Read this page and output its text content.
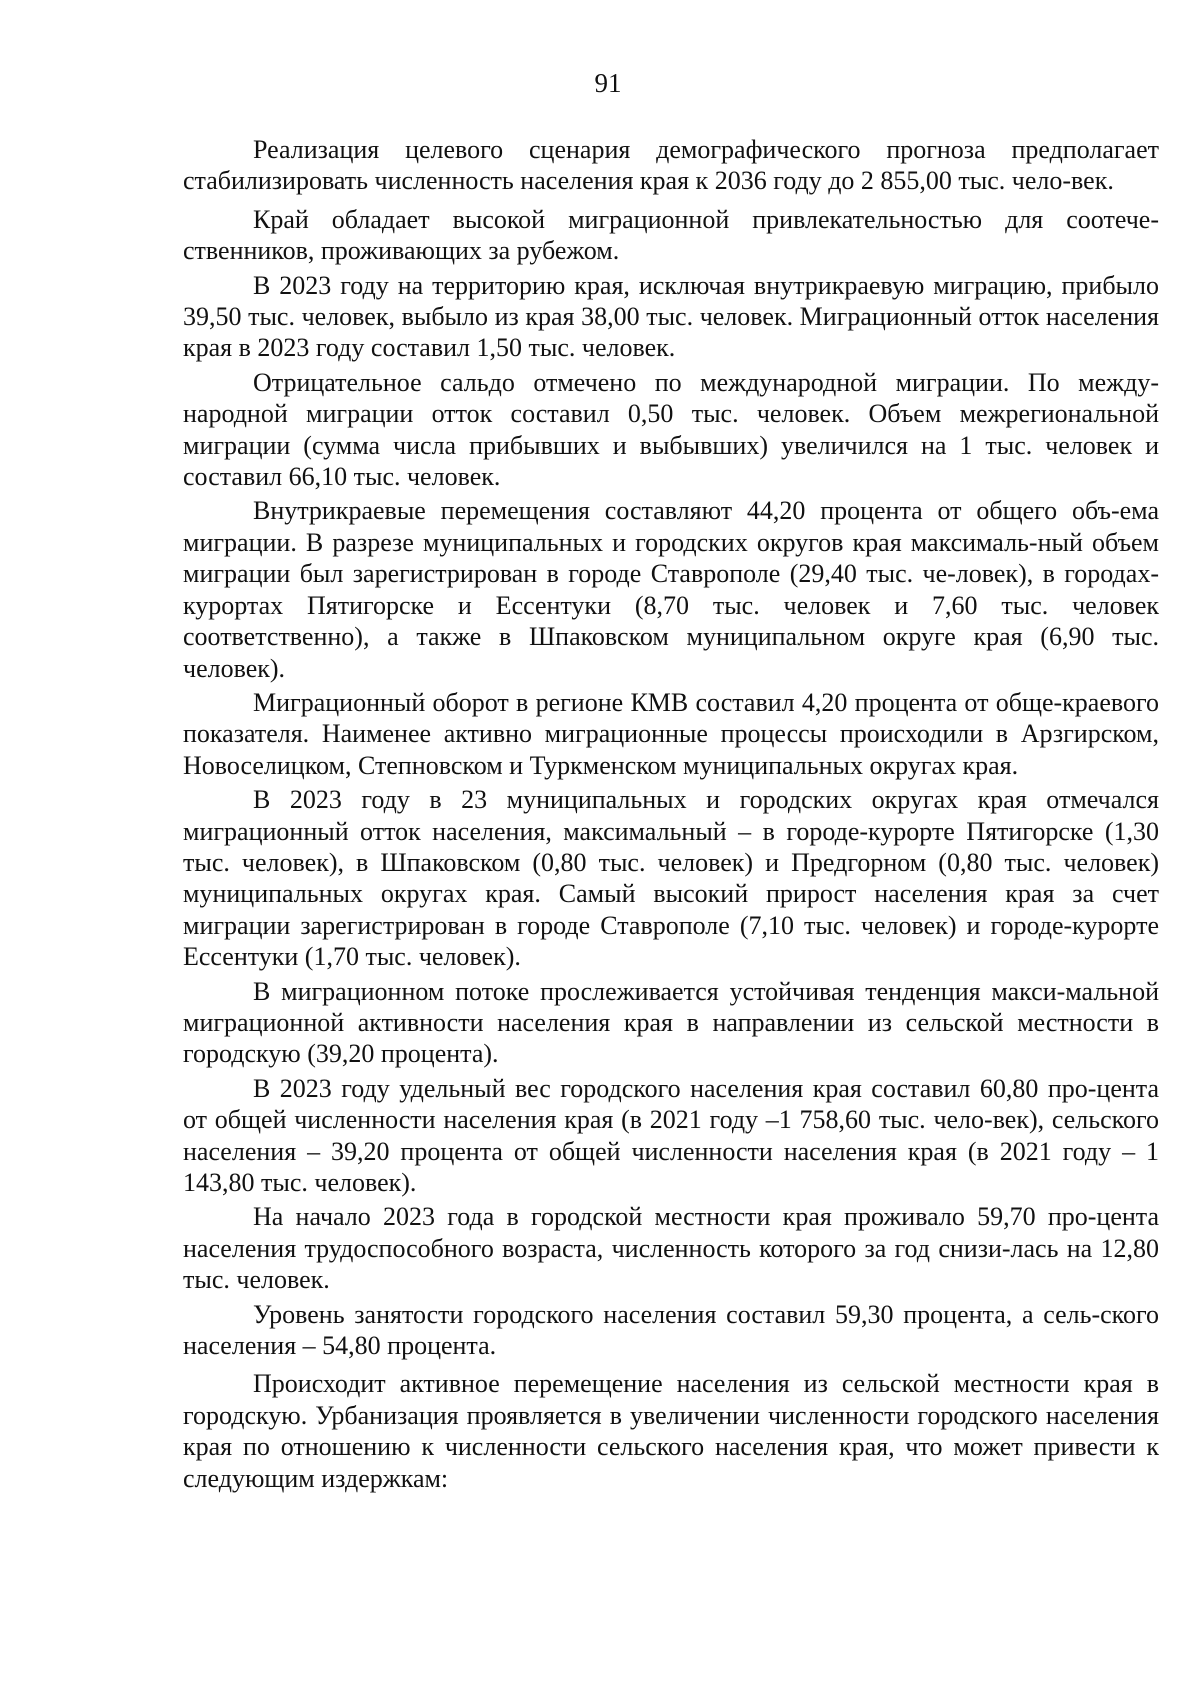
91

Реализация целевого сценария демографического прогноза предполагает стабилизировать численность населения края к 2036 году до 2 855,00 тыс. чело-век.

Край обладает высокой миграционной привлекательностью для соотече-ственников, проживающих за рубежом.

В 2023 году на территорию края, исключая внутрикраевую миграцию, прибыло 39,50 тыс. человек, выбыло из края 38,00 тыс. человек. Миграционный отток населения края в 2023 году составил 1,50 тыс. человек.

Отрицательное сальдо отмечено по международной миграции. По между-народной миграции отток составил 0,50 тыс. человек. Объем межрегиональной миграции (сумма числа прибывших и выбывших) увеличился на 1 тыс. человек и составил 66,10 тыс. человек.

Внутрикраевые перемещения составляют 44,20 процента от общего объ-ема миграции. В разрезе муниципальных и городских округов края максималь-ный объем миграции был зарегистрирован в городе Ставрополе (29,40 тыс. че-ловек), в городах-курортах Пятигорске и Ессентуки (8,70 тыс. человек и 7,60 тыс. человек соответственно), а также в Шпаковском муниципальном округе края (6,90 тыс. человек).

Миграционный оборот в регионе КМВ составил 4,20 процента от обще-краевого показателя. Наименее активно миграционные процессы происходили в Арзгирском, Новоселицком, Степновском и Туркменском муниципальных округах края.

В 2023 году в 23 муниципальных и городских округах края отмечался миграционный отток населения, максимальный – в городе-курорте Пятигорске (1,30 тыс. человек), в Шпаковском (0,80 тыс. человек) и Предгорном (0,80 тыс. человек) муниципальных округах края. Самый высокий прирост населения края за счет миграции зарегистрирован в городе Ставрополе (7,10 тыс. человек) и городе-курорте Ессентуки (1,70 тыс. человек).

В миграционном потоке прослеживается устойчивая тенденция макси-мальной миграционной активности населения края в направлении из сельской местности в городскую (39,20 процента).

В 2023 году удельный вес городского населения края составил 60,80 про-цента от общей численности населения края (в 2021 году –1 758,60 тыс. чело-век), сельского населения – 39,20 процента от общей численности населения края (в 2021 году – 1 143,80 тыс. человек).

На начало 2023 года в городской местности края проживало 59,70 про-цента населения трудоспособного возраста, численность которого за год снизи-лась на 12,80 тыс. человек.

Уровень занятости городского населения составил 59,30 процента, а сель-ского населения – 54,80 процента.

Происходит активное перемещение населения из сельской местности края в городскую. Урбанизация проявляется в увеличении численности городского населения края по отношению к численности сельского населения края, что может привести к следующим издержкам:
